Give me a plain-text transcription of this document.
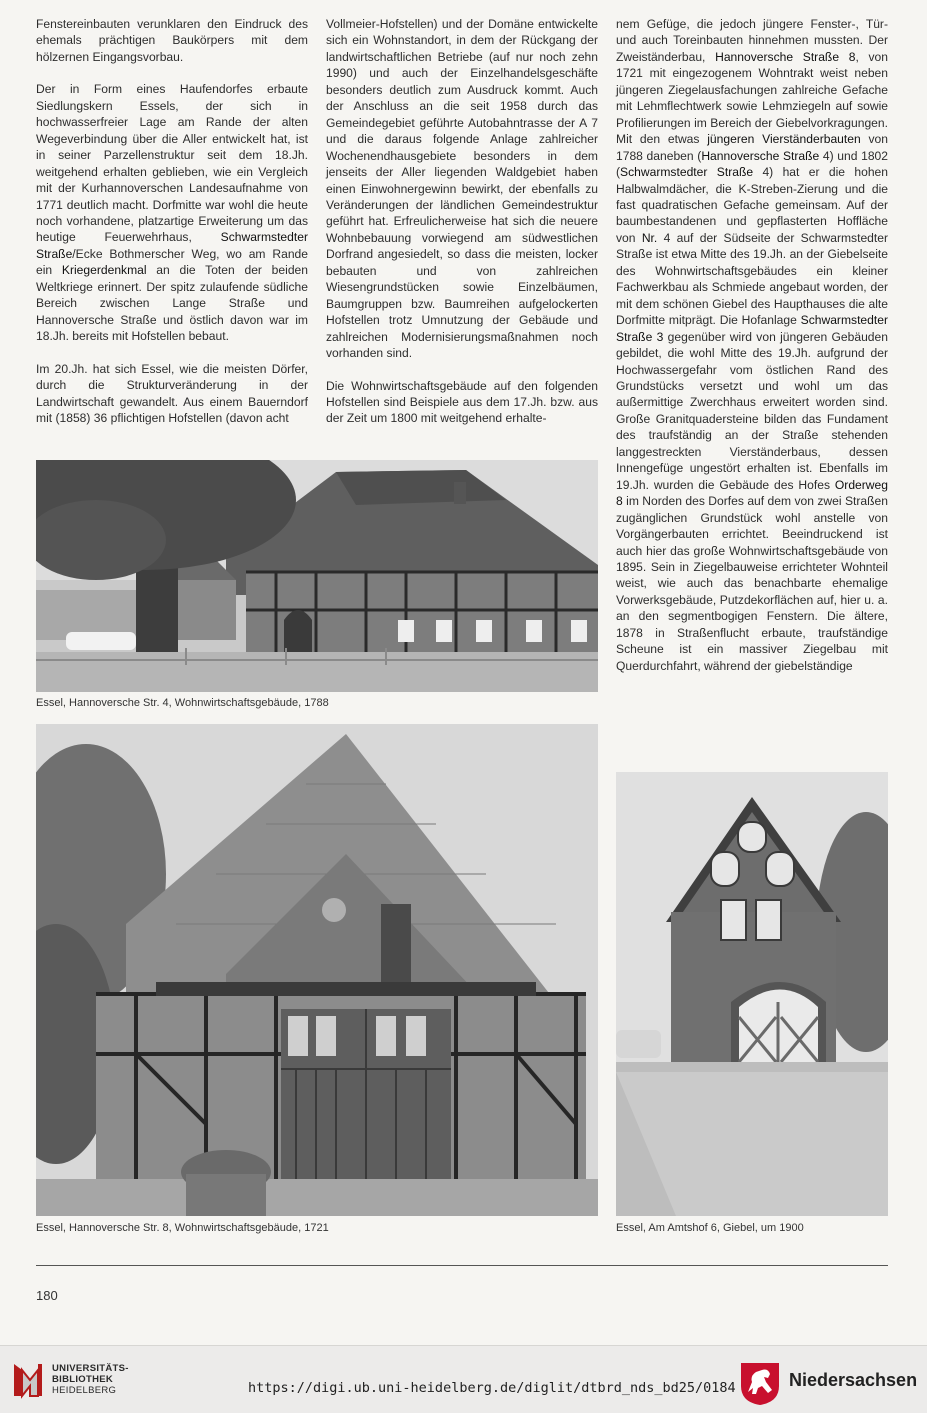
Fenstereinbauten verunklaren den Eindruck des ehemals prächtigen Baukörpers mit dem hölzernen Eingangsvorbau.

Der in Form eines Haufendorfes erbaute Siedlungskern Essels, der sich in hochwasserfreier Lage am Rande der alten Wegeverbindung über die Aller entwickelt hat, ist in seiner Parzellenstruktur seit dem 18.Jh. weitgehend erhalten geblieben, wie ein Vergleich mit der Kurhannoverschen Landesaufnahme von 1771 deutlich macht. Dorfmitte war wohl die heute noch vorhandene, platzartige Erweiterung um das heutige Feuerwehrhaus, Schwarmstedter Straße/Ecke Bothmerscher Weg, wo am Rande ein Kriegerdenkmal an die Toten der beiden Weltkriege erinnert. Der spitz zulaufende südliche Bereich zwischen Lange Straße und Hannoversche Straße und östlich davon war im 18.Jh. bereits mit Hofstellen bebaut.

Im 20.Jh. hat sich Essel, wie die meisten Dörfer, durch die Strukturveränderung in der Landwirtschaft gewandelt. Aus einem Bauerndorf mit (1858) 36 pflichtigen Hofstellen (davon acht

Vollmeier-Hofstellen) und der Domäne entwickelte sich ein Wohnstandort, in dem der Rückgang der landwirtschaftlichen Betriebe (auf nur noch zehn 1990) und auch der Einzelhandelsgeschäfte besonders deutlich zum Ausdruck kommt. Auch der Anschluss an die seit 1958 durch das Gemeindegebiet geführte Autobahntrasse der A 7 und die daraus folgende Anlage zahlreicher Wochenendhausgebiete besonders in dem jenseits der Aller liegenden Waldgebiet haben einen Einwohnergewinn bewirkt, der ebenfalls zu Veränderungen der ländlichen Gemeindestruktur geführt hat. Erfreulicherweise hat sich die neuere Wohnbebauung vorwiegend am südwestlichen Dorfrand angesiedelt, so dass die meisten, locker bebauten und von zahlreichen Wiesengrundstücken sowie Einzelbäumen, Baumgruppen bzw. Baumreihen aufgelockerten Hofstellen trotz Umnutzung der Gebäude und zahlreichen Modernisierungsmaßnahmen noch vorhanden sind.

Die Wohnwirtschaftsgebäude auf den folgenden Hofstellen sind Beispiele aus dem 17.Jh. bzw. aus der Zeit um 1800 mit weitgehend erhalte-

nem Gefüge, die jedoch jüngere Fenster-, Tür- und auch Toreinbauten hinnehmen mussten. Der Zweiständerbau, Hannoversche Straße 8, von 1721 mit eingezogenem Wohntrakt weist neben jüngeren Ziegelausfachungen zahlreiche Gefache mit Lehmflechtwerk sowie Lehmziegeln auf sowie Profilierungen im Bereich der Giebelvorkragungen. Mit den etwas jüngeren Vierständerbauten von 1788 daneben (Hannoversche Straße 4) und 1802 (Schwarmstedter Straße 4) hat er die hohen Halbwalmdächer, die K-Streben-Zierung und die fast quadratischen Gefache gemeinsam. Auf der baumbestandenen und gepflasterten Hoffläche von Nr. 4 auf der Südseite der Schwarmstedter Straße ist etwa Mitte des 19.Jh. an der Giebelseite des Wohnwirtschaftsgebäudes ein kleiner Fachwerkbau als Schmiede angebaut worden, der mit dem schönen Giebel des Haupthauses die alte Dorfmitte mitprägt. Die Hofanlage Schwarmstedter Straße 3 gegenüber wird von jüngeren Gebäuden gebildet, die wohl Mitte des 19.Jh. aufgrund der Hochwassergefahr vom östlichen Rand des Grundstücks versetzt und wohl um das außermittige Zwerchhaus erweitert worden sind. Große Granitquadersteine bilden das Fundament des traufständig an der Straße stehenden langgestreckten Vierständerbaus, dessen Innengefüge ungestört erhalten ist. Ebenfalls im 19.Jh. wurden die Gebäude des Hofes Orderweg 8 im Norden des Dorfes auf dem von zwei Straßen zugänglichen Grundstück wohl anstelle von Vorgängerbauten errichtet. Beeindruckend ist auch hier das große Wohnwirtschaftsgebäude von 1895. Sein in Ziegelbauweise errichteter Wohnteil weist, wie auch das benachbarte ehemalige Vorwerksgebäude, Putzdekorflächen auf, hier u. a. an den segmentbogigen Fenstern. Die ältere, 1878 in Straßenflucht erbaute, traufständige Scheune ist ein massiver Ziegelbau mit Querdurchfahrt, während der giebelständige

Essel, Hannoversche Str. 4, Wohnwirtschaftsgebäude, 1788
Essel, Hannoversche Str. 8, Wohnwirtschaftsgebäude, 1721	Essel, Am Amtshof 6, Giebel, um 1900
180
UNIVERSITÄTS-
BIBLIOTHEK
HEIDELBERG	https://digi.ub.uni-heidelberg.de/diglit/dtbrd_nds_bd25/0184	Niedersachsen
